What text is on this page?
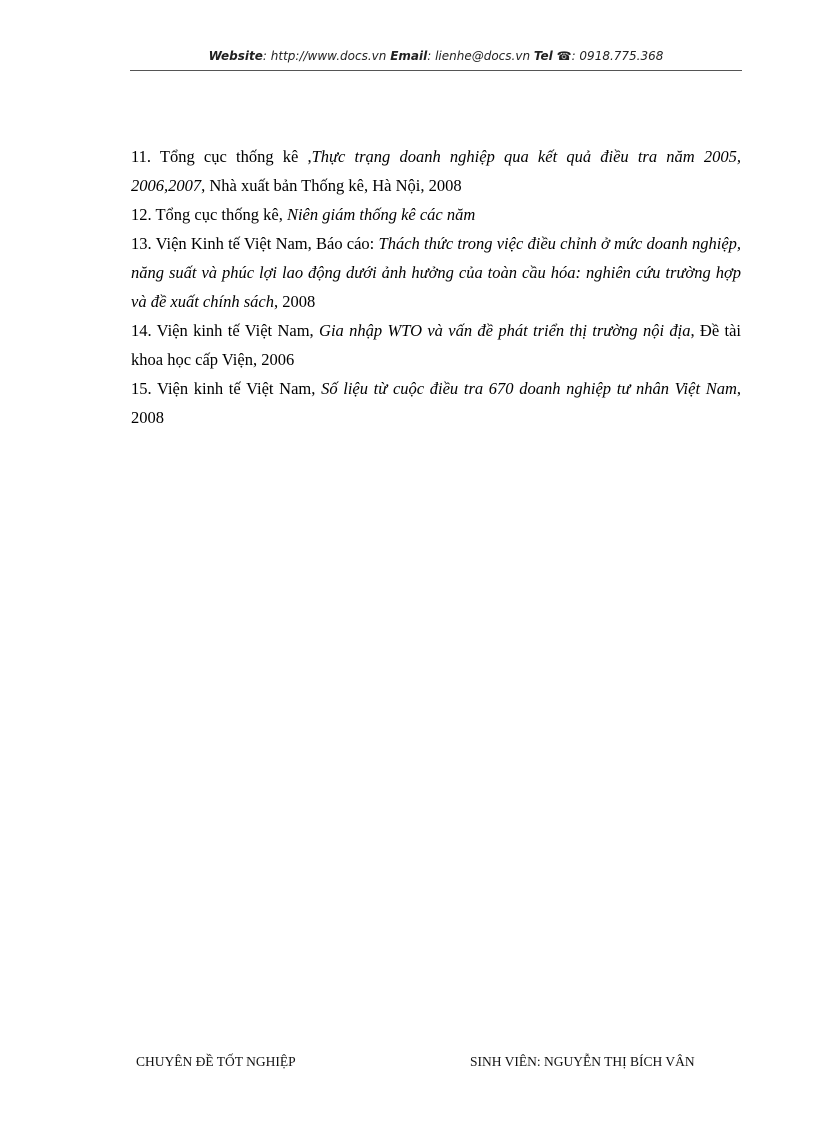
Website: http://www.docs.vn Email: lienhe@docs.vn Tel ☎: 0918.775.368

11. Tổng cục thống kê ,Thực trạng doanh nghiệp qua kết quả điều tra năm 2005, 2006,2007, Nhà xuất bản Thống kê, Hà Nội, 2008

12. Tổng cục thống kê, Niên giám thống kê các năm

13. Viện Kinh tế Việt Nam, Báo cáo: Thách thức trong việc điều chỉnh ở mức doanh nghiệp, năng suất và phúc lợi lao động dưới ảnh hưởng của toàn cầu hóa: nghiên cứu trường hợp và đề xuất chính sách, 2008

14. Viện kinh tế Việt Nam, Gia nhập WTO và vấn đề phát triển thị trường nội địa, Đề tài khoa học cấp Viện, 2006

15. Viện kinh tế Việt Nam, Số liệu từ cuộc điều tra 670 doanh nghiệp tư nhân Việt Nam, 2008

CHUYÊN ĐỀ TỐT NGHIỆP	SINH VIÊN: NGUYỄN THỊ BÍCH VÂN
